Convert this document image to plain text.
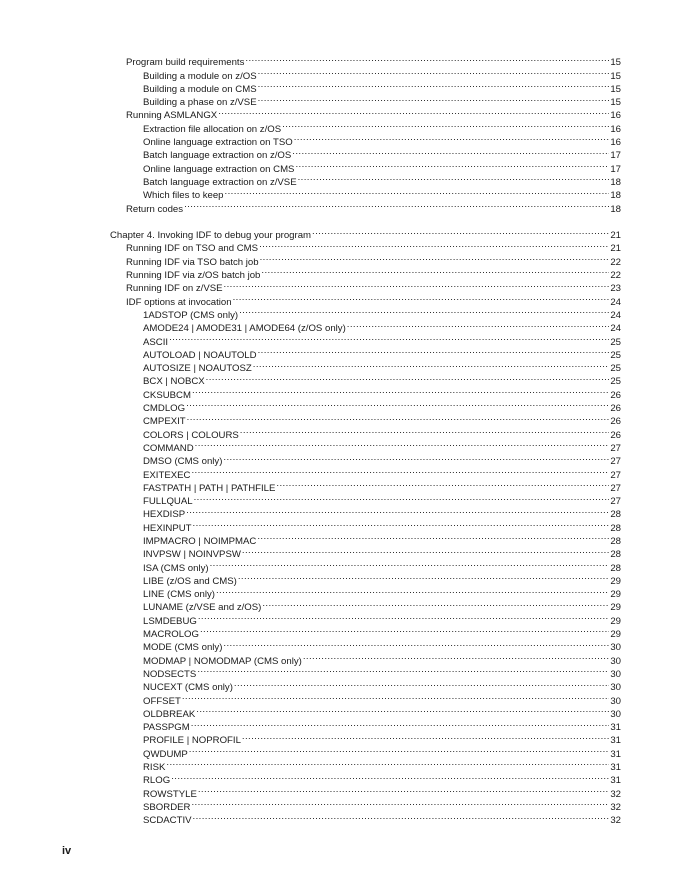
Program build requirements .....	15
Building a module on z/OS .....	15
Building a module on CMS .....	15
Building a phase on z/VSE .....	15
Running ASMLANGX .....	16
Extraction file allocation on z/OS .....	16
Online language extraction on TSO .....	16
Batch language extraction on z/OS .....	17
Online language extraction on CMS .....	17
Batch language extraction on z/VSE .....	18
Which files to keep .....	18
Return codes .....	18
Chapter 4. Invoking IDF to debug your program .....	21
Running IDF on TSO and CMS .....	21
Running IDF via TSO batch job .....	22
Running IDF via z/OS batch job .....	22
Running IDF on z/VSE .....	23
IDF options at invocation .....	24
1ADSTOP (CMS only) .....	24
AMODE24 | AMODE31 | AMODE64 (z/OS only) .....	24
ASCII .....	25
AUTOLOAD | NOAUTOLD .....	25
AUTOSIZE | NOAUTOSZ .....	25
BCX | NOBCX .....	25
CKSUBCM .....	26
CMDLOG .....	26
CMPEXIT .....	26
COLORS | COLOURS .....	26
COMMAND .....	27
DMSO (CMS only) .....	27
EXITEXEC .....	27
FASTPATH | PATH | PATHFILE .....	27
FULLQUAL .....	27
HEXDISP .....	28
HEXINPUT .....	28
IMPMACRO | NOIMPMAC .....	28
INVPSW | NOINVPSW .....	28
ISA (CMS only) .....	28
LIBE (z/OS and CMS) .....	29
LINE (CMS only) .....	29
LUNAME (z/VSE and z/OS) .....	29
LSMDEBUG .....	29
MACROLOG .....	29
MODE (CMS only) .....	30
MODMAP | NOMODMAP (CMS only) .....	30
NODSECTS .....	30
NUCEXT (CMS only) .....	30
OFFSET .....	30
OLDBREAK .....	30
PASSPGM .....	31
PROFILE | NOPROFIL .....	31
QWDUMP .....	31
RISK .....	31
RLOG .....	31
ROWSTYLE .....	32
SBORDER .....	32
SCDACTIV .....	32
iv
